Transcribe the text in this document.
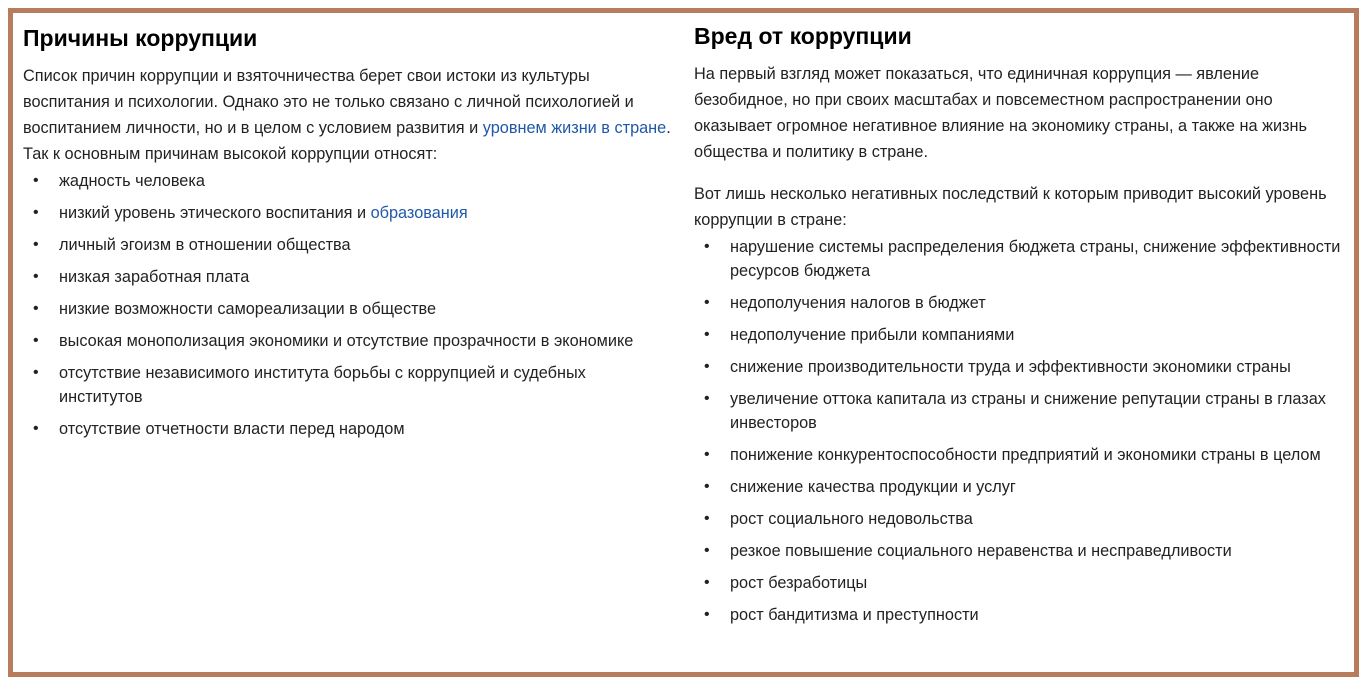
Причины коррупции

Список причин коррупции и взяточничества берет свои истоки из культуры воспитания и психологии. Однако это не только связано с личной психологией и воспитанием личности, но и в целом с условием развития и уровнем жизни в стране. Так к основным причинам высокой коррупции относят:

• жадность человека
• низкий уровень этического воспитания и образования
• личный эгоизм в отношении общества
• низкая заработная плата
• низкие возможности самореализации в обществе
• высокая монополизация экономики и отсутствие прозрачности в экономике
• отсутствие независимого института борьбы с коррупцией и судебных институтов
• отсутствие отчетности власти перед народом
Вред от коррупции

На первый взгляд может показаться, что единичная коррупция — явление безобидное, но при своих масштабах и повсеместном распространении оно оказывает огромное негативное влияние на экономику страны, а также на жизнь общества и политику в стране.

Вот лишь несколько негативных последствий к которым приводит высокий уровень коррупции в стране:

• нарушение системы распределения бюджета страны, снижение эффективности ресурсов бюджета
• недополучения налогов в бюджет
• недополучение прибыли компаниями
• снижение производительности труда и эффективности экономики страны
• увеличение оттока капитала из страны и снижение репутации страны в глазах инвесторов
• понижение конкурентоспособности предприятий и экономики страны в целом
• снижение качества продукции и услуг
• рост социального недовольства
• резкое повышение социального неравенства и несправедливости
• рост безработицы
• рост бандитизма и преступности
